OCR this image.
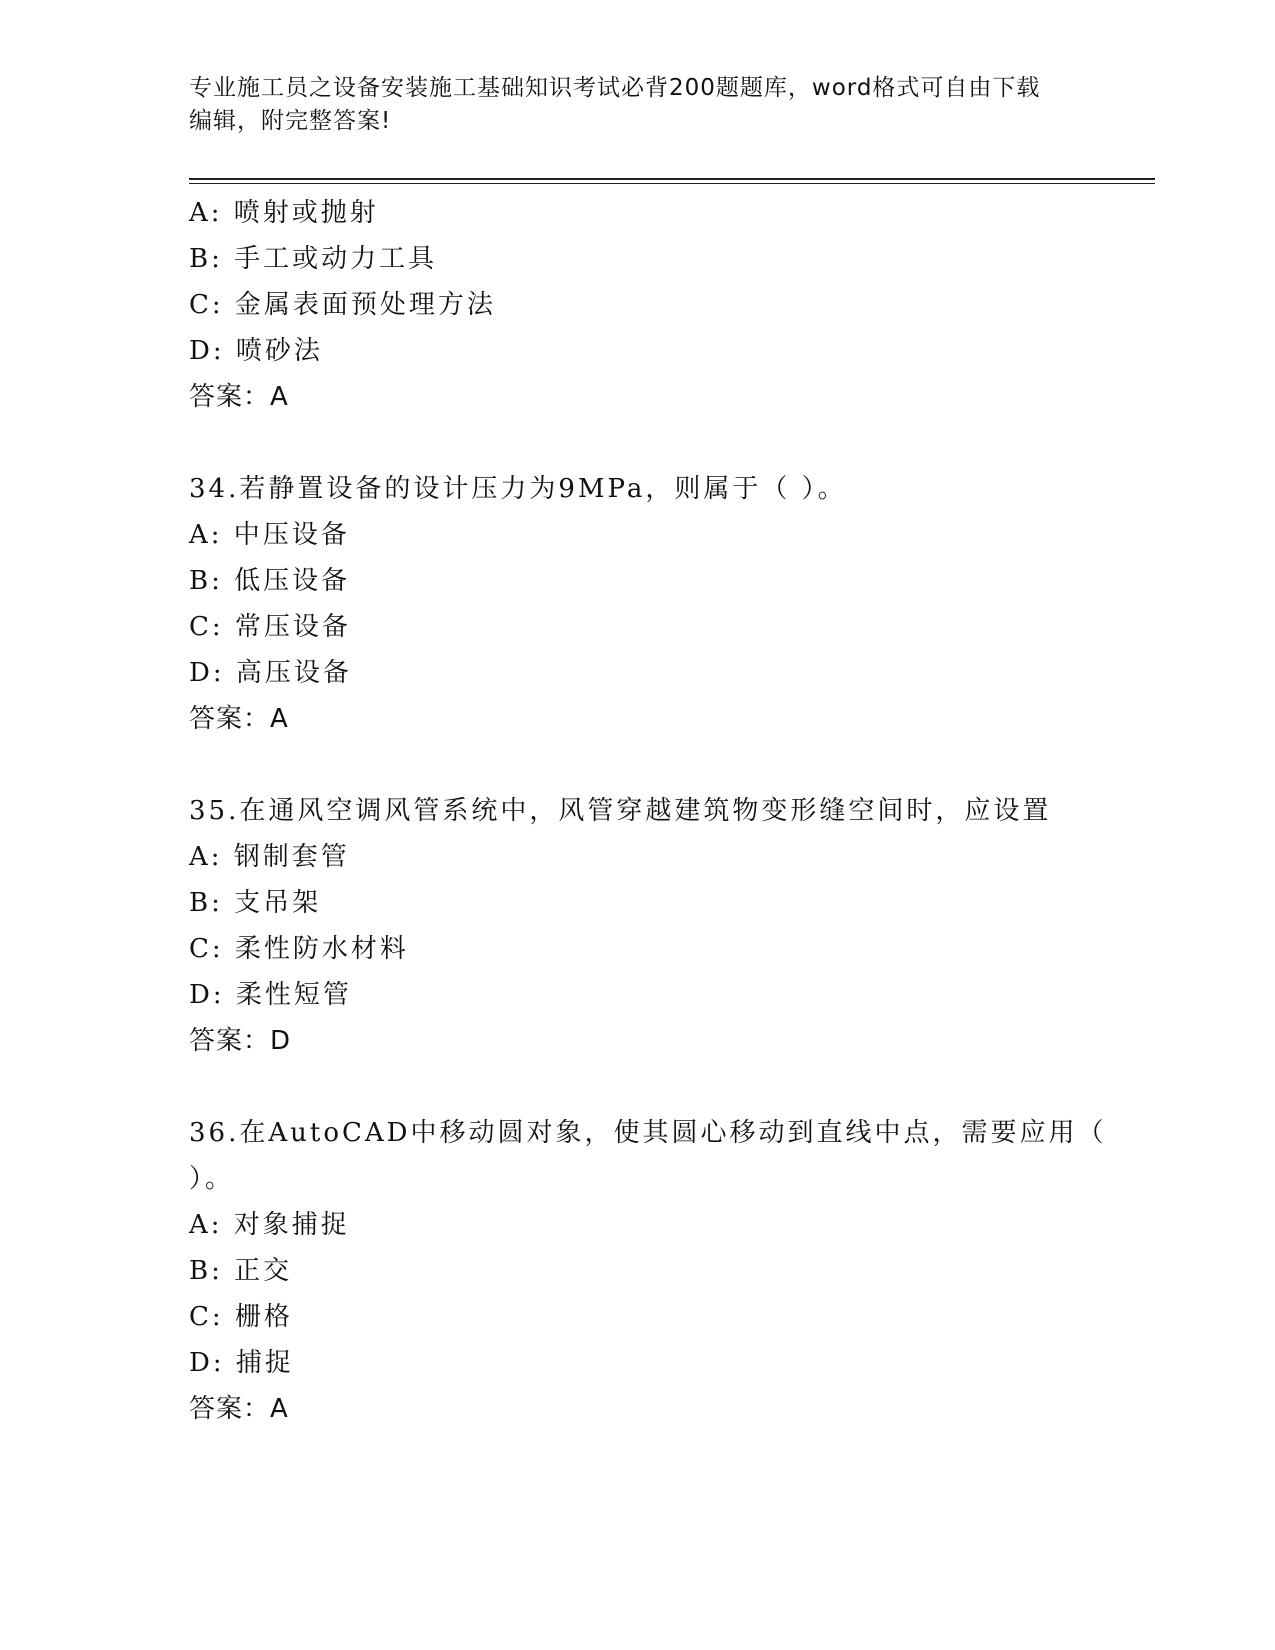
专业施工员之设备安装施工基础知识考试必背200题题库，word格式可自由下载
编辑，附完整答案!
A: 喷射或抛射
B: 手工或动力工具
C: 金属表面预处理方法
D: 喷砂法
答案：A
34.若静置设备的设计压力为9MPa，则属于（ ）。
A: 中压设备
B: 低压设备
C: 常压设备
D: 高压设备
答案：A
35.在通风空调风管系统中，风管穿越建筑物变形缝空间时，应设置
A: 钢制套管
B: 支吊架
C: 柔性防水材料
D: 柔性短管
答案：D
36.在AutoCAD中移动圆对象，使其圆心移动到直线中点，需要应用（
）。
A: 对象捕捉
B: 正交
C: 栅格
D: 捕捉
答案：A
